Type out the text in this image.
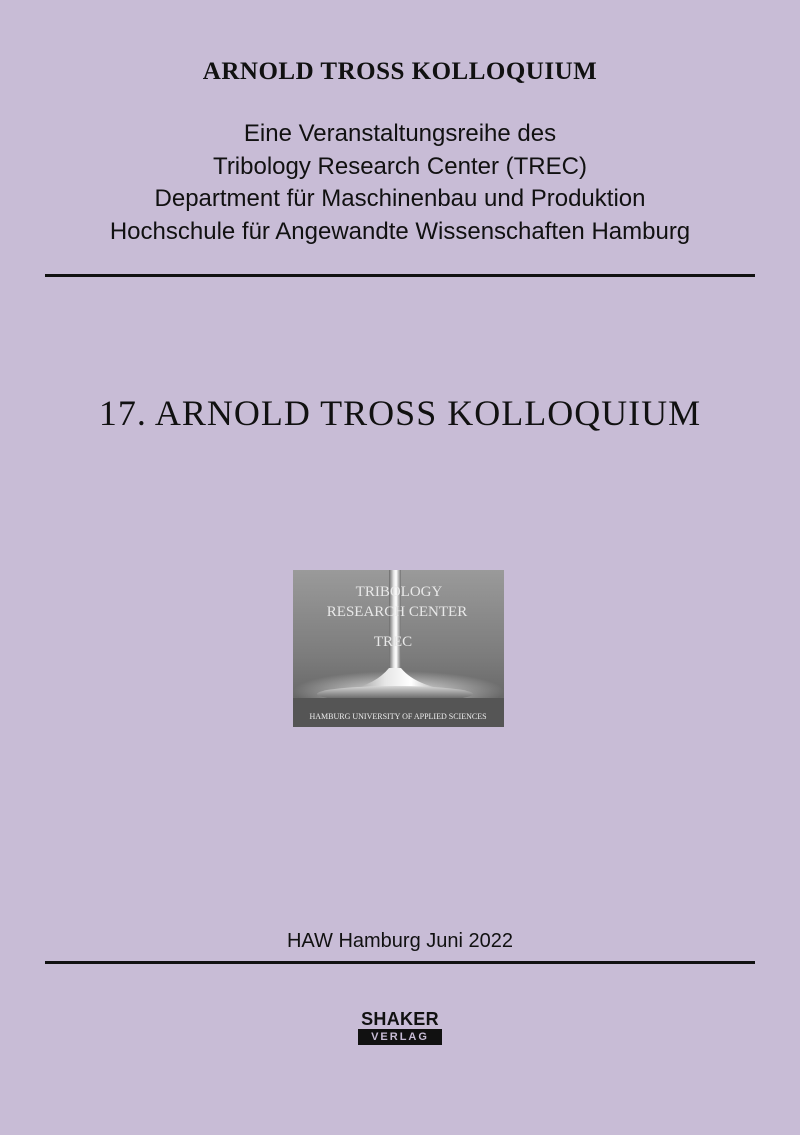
ARNOLD TROSS KOLLOQUIUM
Eine Veranstaltungsreihe des
Tribology Research Center (TREC)
Department für Maschinenbau und Produktion
Hochschule für Angewandte Wissenschaften Hamburg
17. ARNOLD TROSS KOLLOQUIUM
TRIBOLOGY
RESEARCH CENTER
TREC
HAMBURG UNIVERSITY OF APPLIED SCIENCES
HAW Hamburg Juni 2022
SHAKER
VERLAG
